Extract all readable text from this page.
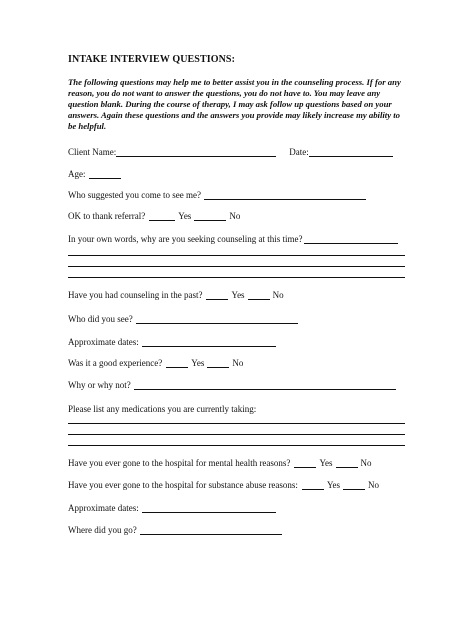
INTAKE INTERVIEW QUESTIONS:
The following questions may help me to better assist you in the counseling process. If for any reason, you do not want to answer the questions, you do not have to. You may leave any question blank. During the course of therapy, I may ask follow up questions based on your answers. Again these questions and the answers you provide may likely increase my ability to be helpful.
Client Name:	Date:
Age:
Who suggested you come to see me?
OK to thank referral?	Yes	No
In your own words, why are you seeking counseling at this time?
Have you had counseling in the past?	Yes	No
Who did you see?
Approximate dates:
Was it a good experience?	Yes	No
Why or why not?
Please list any medications you are currently taking:
Have you ever gone to the hospital for mental health reasons?	Yes	No
Have you ever gone to the hospital for substance abuse reasons:	Yes	No
Approximate dates:
Where did you go?
